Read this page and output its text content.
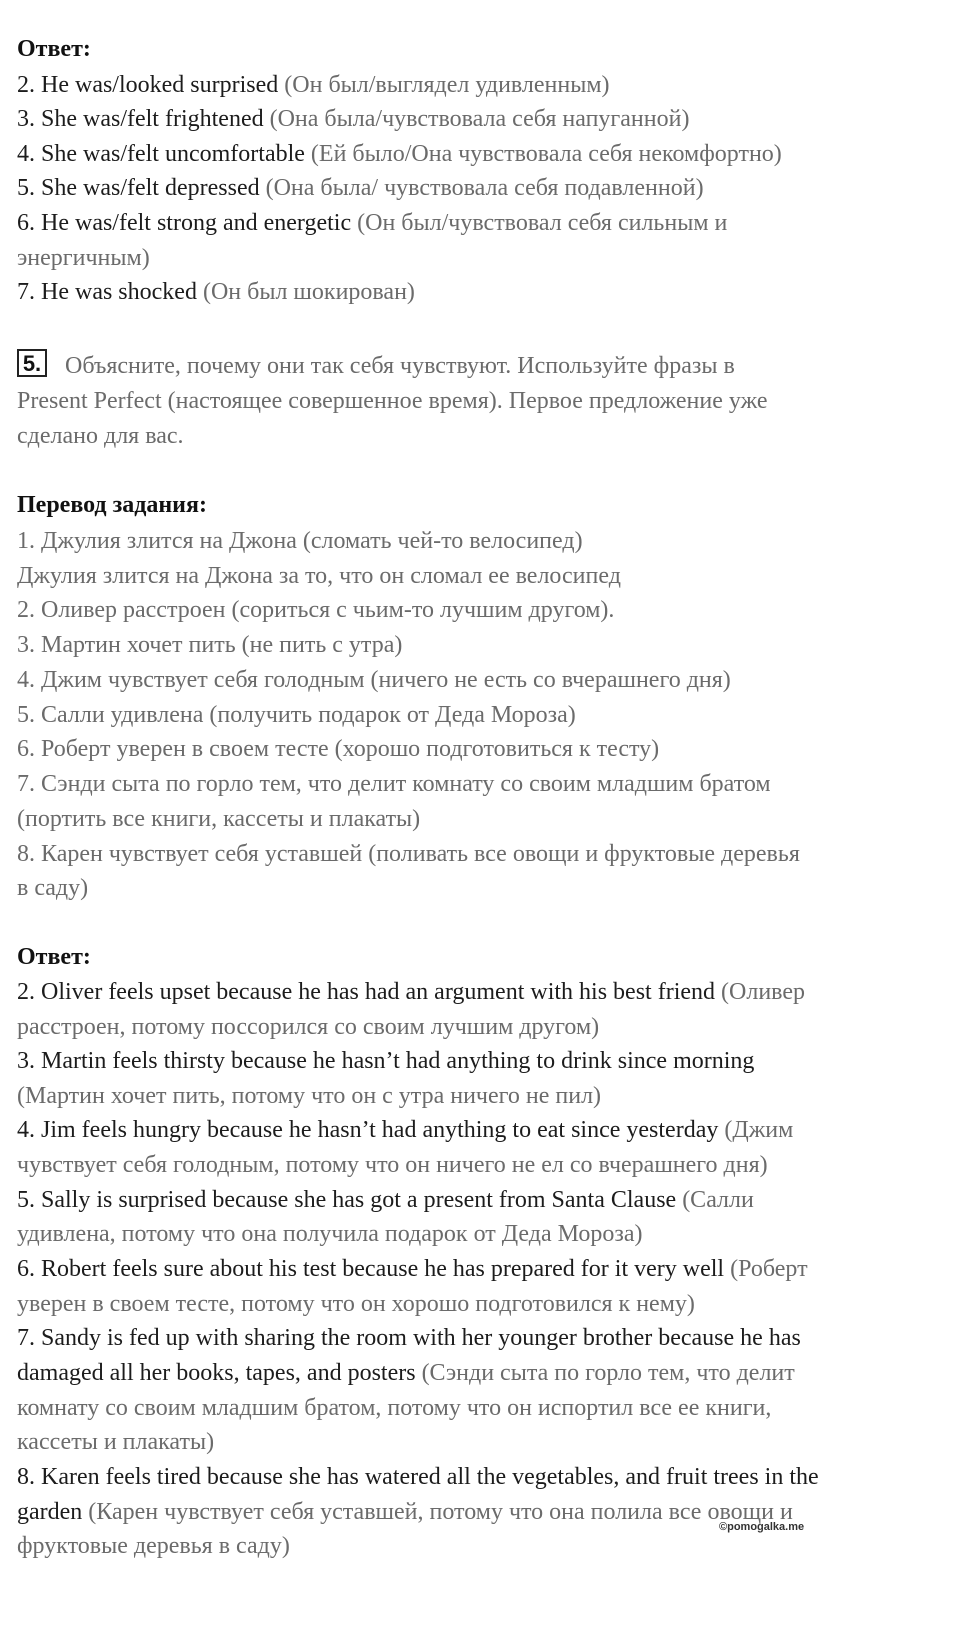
Ответ:
2. He was/looked surprised (Он был/выглядел удивленным)
3. She was/felt frightened (Она была/чувствовала себя напуганной)
4. She was/felt uncomfortable (Ей было/Она чувствовала себя некомфортно)
5. She was/felt depressed (Она была/ чувствовала себя подавленной)
6. He was/felt strong and energetic (Он был/чувствовал себя сильным и
энергичным)
7. He was shocked (Он был шокирован)
5. Объясните, почему они так себя чувствуют. Используйте фразы в
Present Perfect (настоящее совершенное время). Первое предложение уже
сделано для вас.
Перевод задания:
1. Джулия злится на Джона (сломать чей-то велосипед)
Джулия злится на Джона за то, что он сломал ее велосипед
2. Оливер расстроен (сориться с чьим-то лучшим другом).
3. Мартин хочет пить (не пить с утра)
4. Джим чувствует себя голодным (ничего не есть со вчерашнего дня)
5. Салли удивлена (получить подарок от Деда Мороза)
6. Роберт уверен в своем тесте (хорошо подготовиться к тесту)
7. Сэнди сыта по горло тем, что делит комнату со своим младшим братом
(портить все книги, кассеты и плакаты)
8. Карен чувствует себя уставшей (поливать все овощи и фруктовые деревья
в саду)
Ответ:
2. Oliver feels upset because he has had an argument with his best friend (Оливер
расстроен, потому поссорился со своим лучшим другом)
3. Martin feels thirsty because he hasn’t had anything to drink since morning
(Мартин хочет пить, потому что он с утра ничего не пил)
4. Jim feels hungry because he hasn’t had anything to eat since yesterday (Джим
чувствует себя голодным, потому что он ничего не ел со вчерашнего дня)
5. Sally is surprised because she has got a present from Santa Clause (Салли
удивлена, потому что она получила подарок от Деда Мороза)
6. Robert feels sure about his test because he has prepared for it very well (Роберт
уверен в своем тесте, потому что он хорошо подготовился к нему)
7. Sandy is fed up with sharing the room with her younger brother because he has
damaged all her books, tapes, and posters (Сэнди сыта по горло тем, что делит
комнату со своим младшим братом, потому что он испортил все ее книги,
кассеты и плакаты)
8. Karen feels tired because she has watered all the vegetables, and fruit trees in the
garden (Карен чувствует себя уставшей, потому что она полила все овощи и
фруктовые деревья в саду)
©pomogalka.me
